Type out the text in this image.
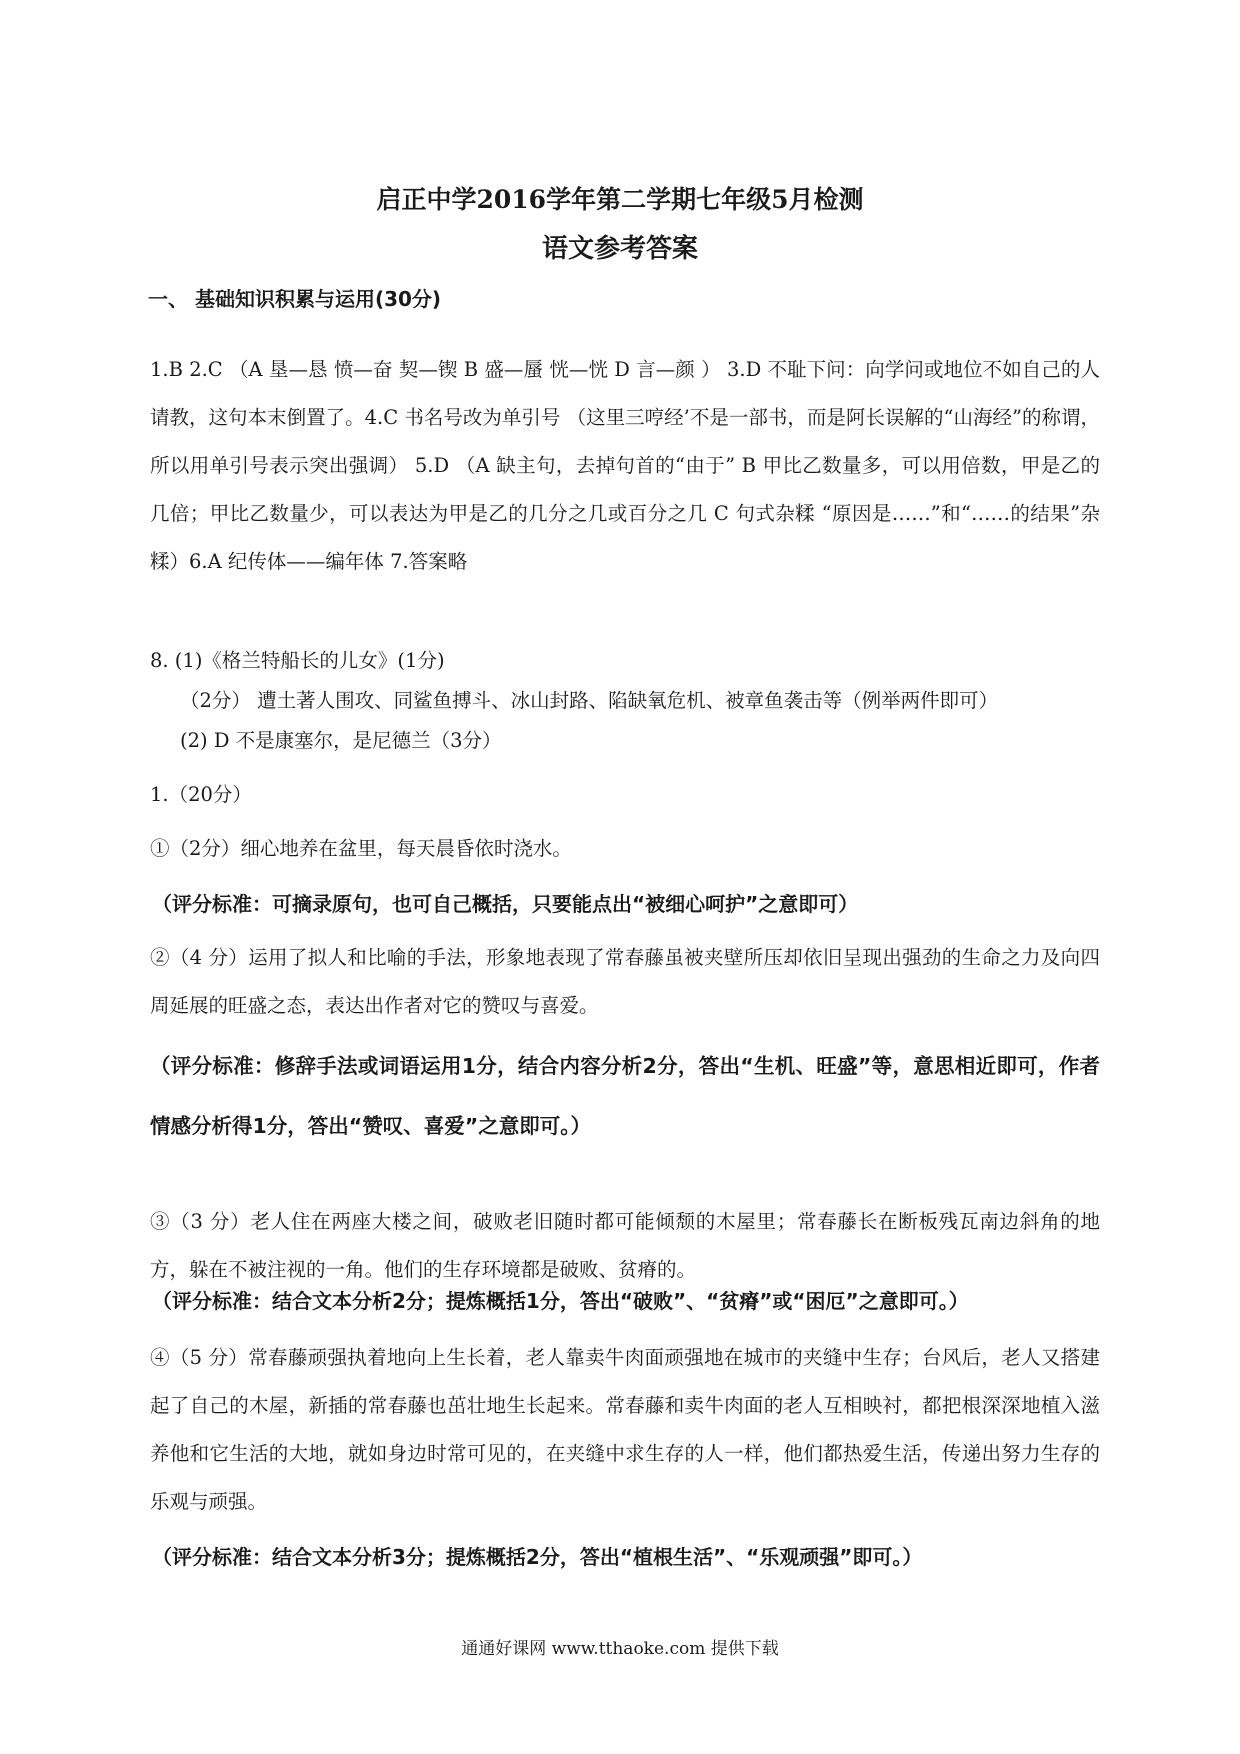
启正中学2016学年第二学期七年级5月检测
语文参考答案
一、 基础知识积累与运用(30分)

1.B 2.C （A 垦—恳 愤—奋 契—锲 B 盛—蜃 恍—恍 D 言—颜 ） 3.D 不耻下问：向学问或地位不如自己的人请教，这句本末倒置了。4.C 书名号改为单引号 （这里三哼经’不是一部书，而是阿长误解的“山海经”的称谓，所以用单引号表示突出强调） 5.D （A 缺主句，去掉句首的“由于” B 甲比乙数量多，可以用倍数，甲是乙的几倍；甲比乙数量少，可以表达为甲是乙的几分之几或百分之几 C 句式杂糅 “原因是……”和“……的结果”杂糅）6.A 纪传体——编年体 7.答案略

8. (1)《格兰特船长的儿女》(1分)

（2分） 遭土著人围攻、同鲨鱼搏斗、冰山封路、陷缺氧危机、被章鱼袭击等（例举两件即可）

(2) D 不是康塞尔，是尼德兰（3分）

1.（20分）

①（2分）细心地养在盆里，每天晨昏依时浇水。

（评分标准：可摘录原句，也可自己概括，只要能点出“被细心呵护”之意即可）

②（4 分）运用了拟人和比喻的手法，形象地表现了常春藤虽被夹壁所压却依旧呈现出强劲的生命之力及向四周延展的旺盛之态，表达出作者对它的赞叹与喜爱。

（评分标准：修辞手法或词语运用1分，结合内容分析2分，答出“生机、旺盛”等，意思相近即可，作者情感分析得1分，答出“赞叹、喜爱”之意即可。）

③（3 分）老人住在两座大楼之间，破败老旧随时都可能倾颓的木屋里；常春藤长在断板残瓦南边斜角的地方，躲在不被注视的一角。他们的生存环境都是破败、贫瘠的。

（评分标准：结合文本分析2分；提炼概括1分，答出“破败”、“贫瘠”或“困厄”之意即可。）

④（5 分）常春藤顽强执着地向上生长着，老人靠卖牛肉面顽强地在城市的夹缝中生存；台风后，老人又搭建起了自己的木屋，新插的常春藤也茁壮地生长起来。常春藤和卖牛肉面的老人互相映衬，都把根深深地植入滋养他和它生活的大地，就如身边时常可见的，在夹缝中求生存的人一样，他们都热爱生活，传递出努力生存的乐观与顽强。

（评分标准：结合文本分析3分；提炼概括2分，答出“植根生活”、“乐观顽强”即可。）

通通好课网 www.tthaoke.com 提供下载
